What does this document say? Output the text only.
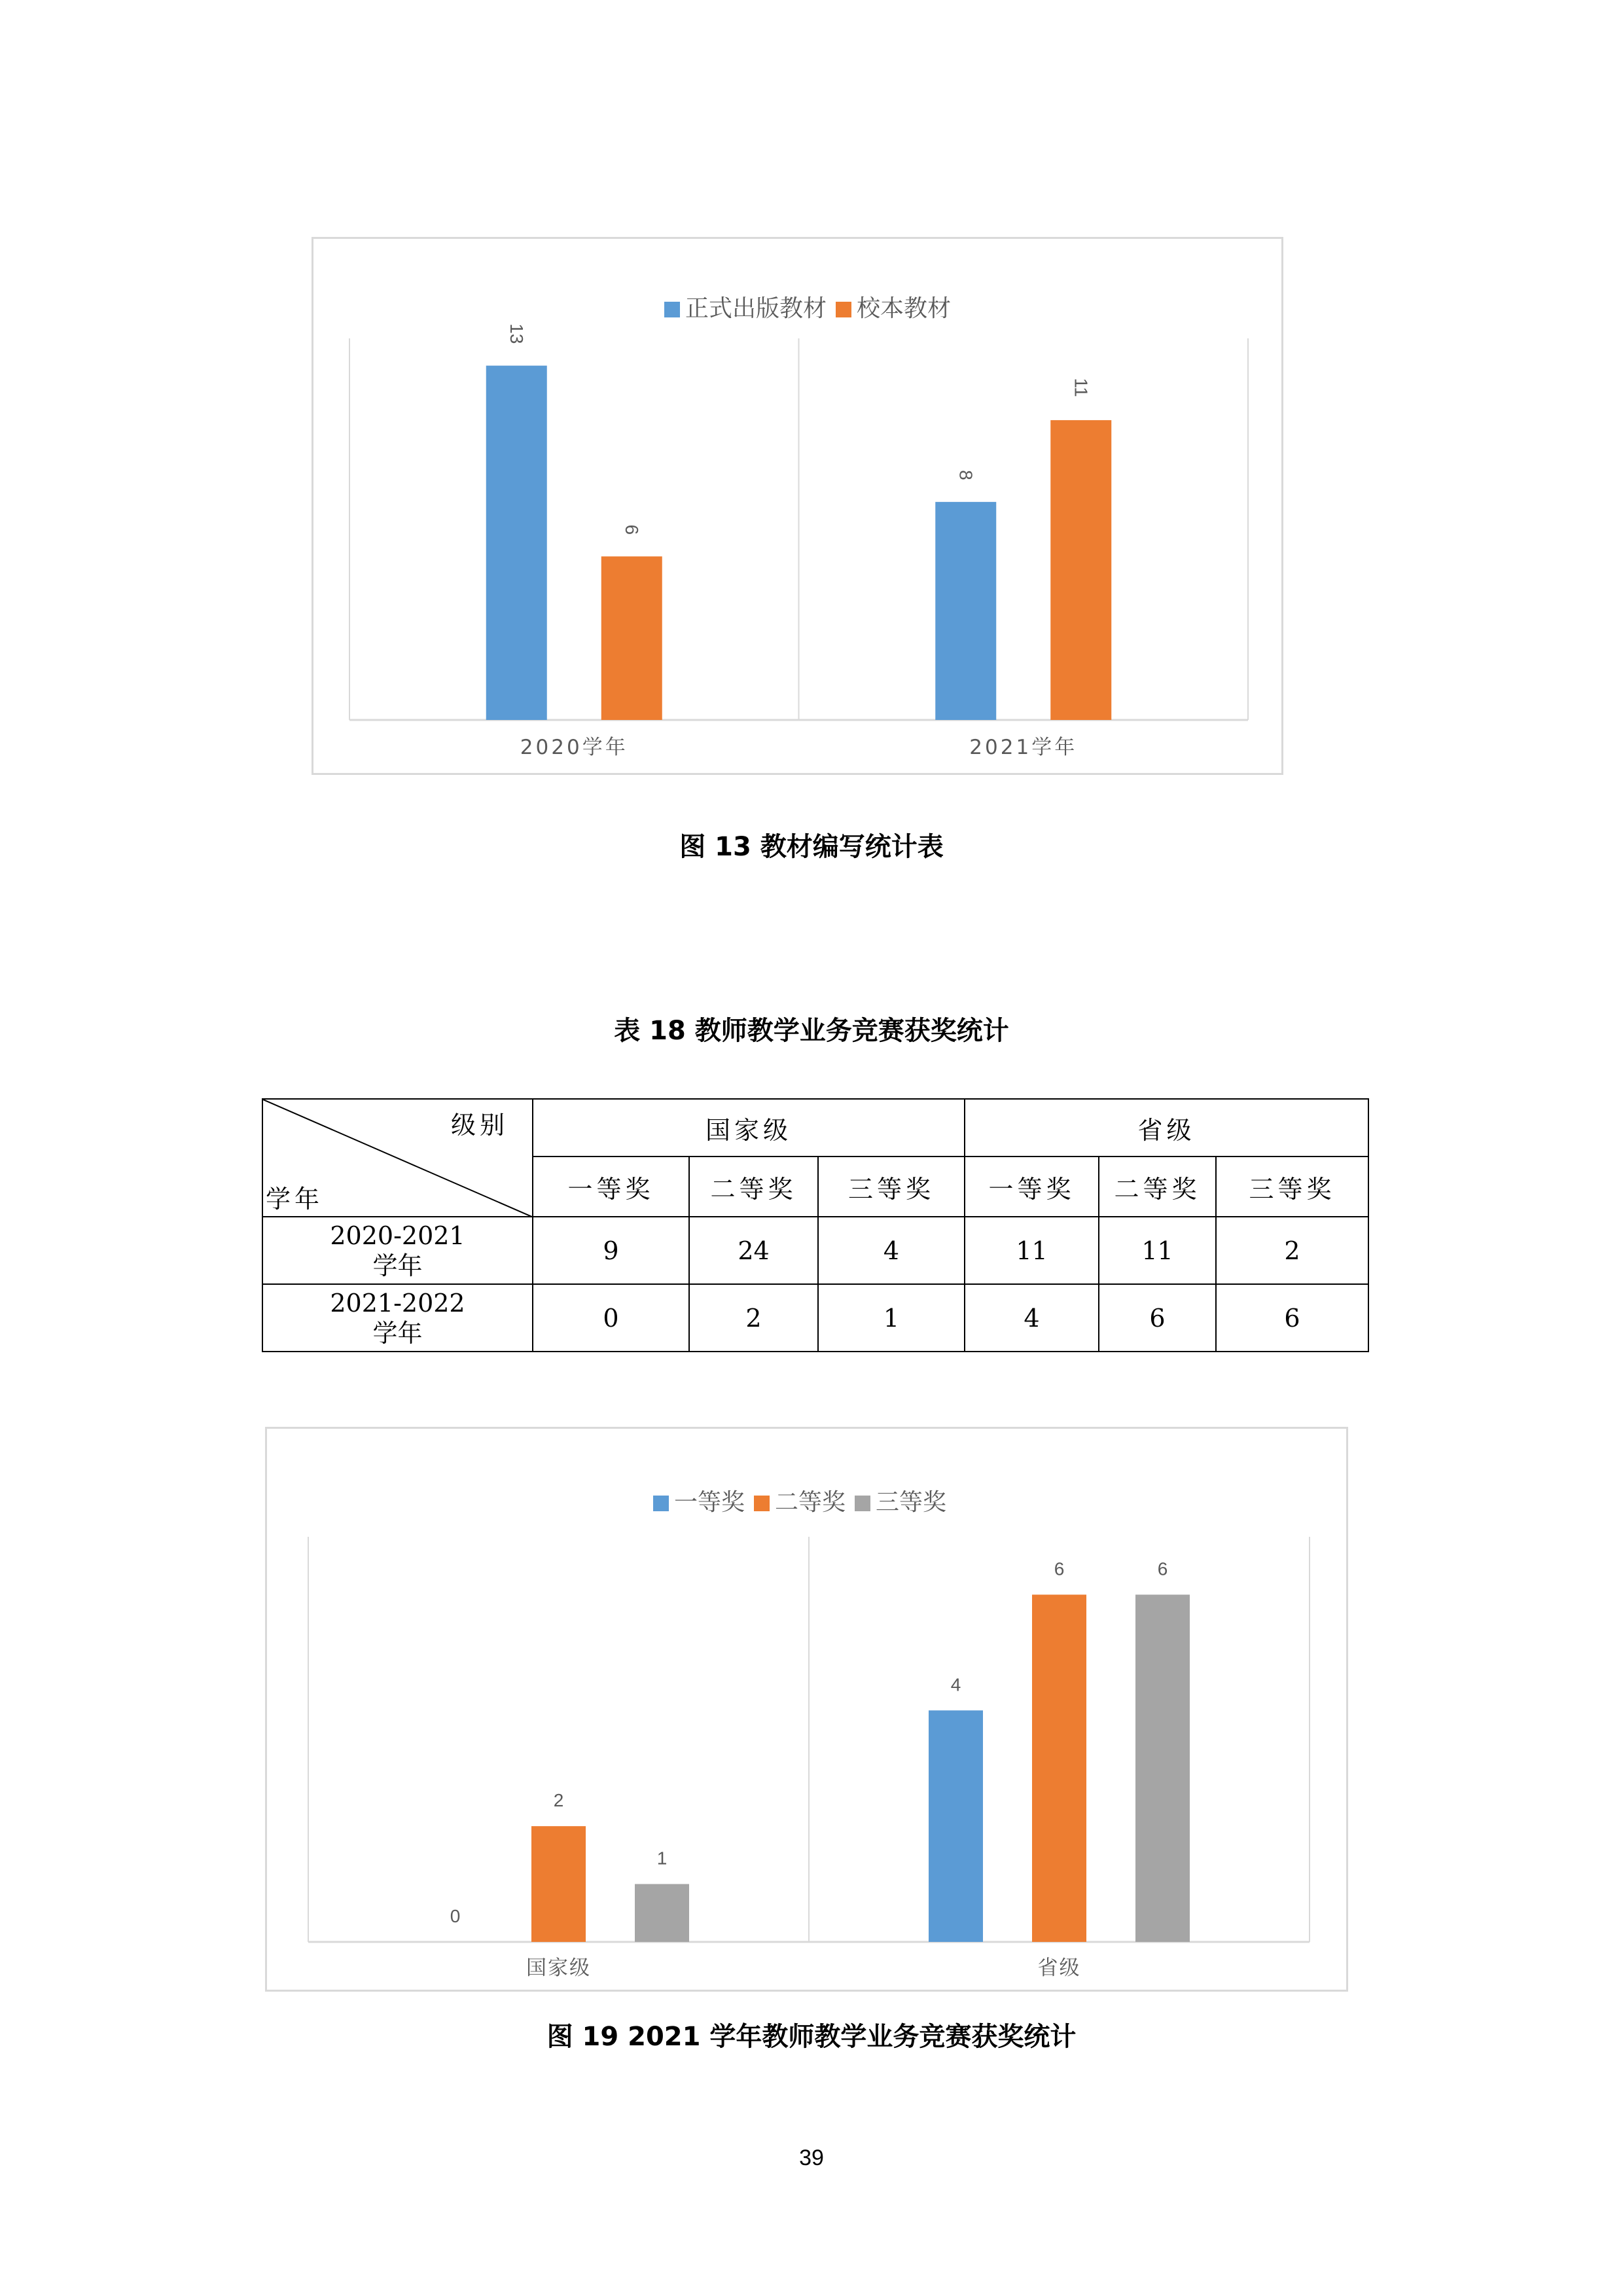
13
6
2020学年
8
11
2021学年
正式出版教材 校本教材
图 13 教材编写统计表
表 18 教师教学业务竞赛获奖统计
级别
学年	国家级			省级		
	一等奖	二等奖	三等奖	一等奖	二等奖	三等奖

2020-2021
学年	9	24	4	11	11	2

2021-2022
学年	0	2	1	4	6	6
0
2
1
国家级
4
6	6
省级
一等奖 二等奖 三等奖
图 19 2021 学年教师教学业务竞赛获奖统计
39
